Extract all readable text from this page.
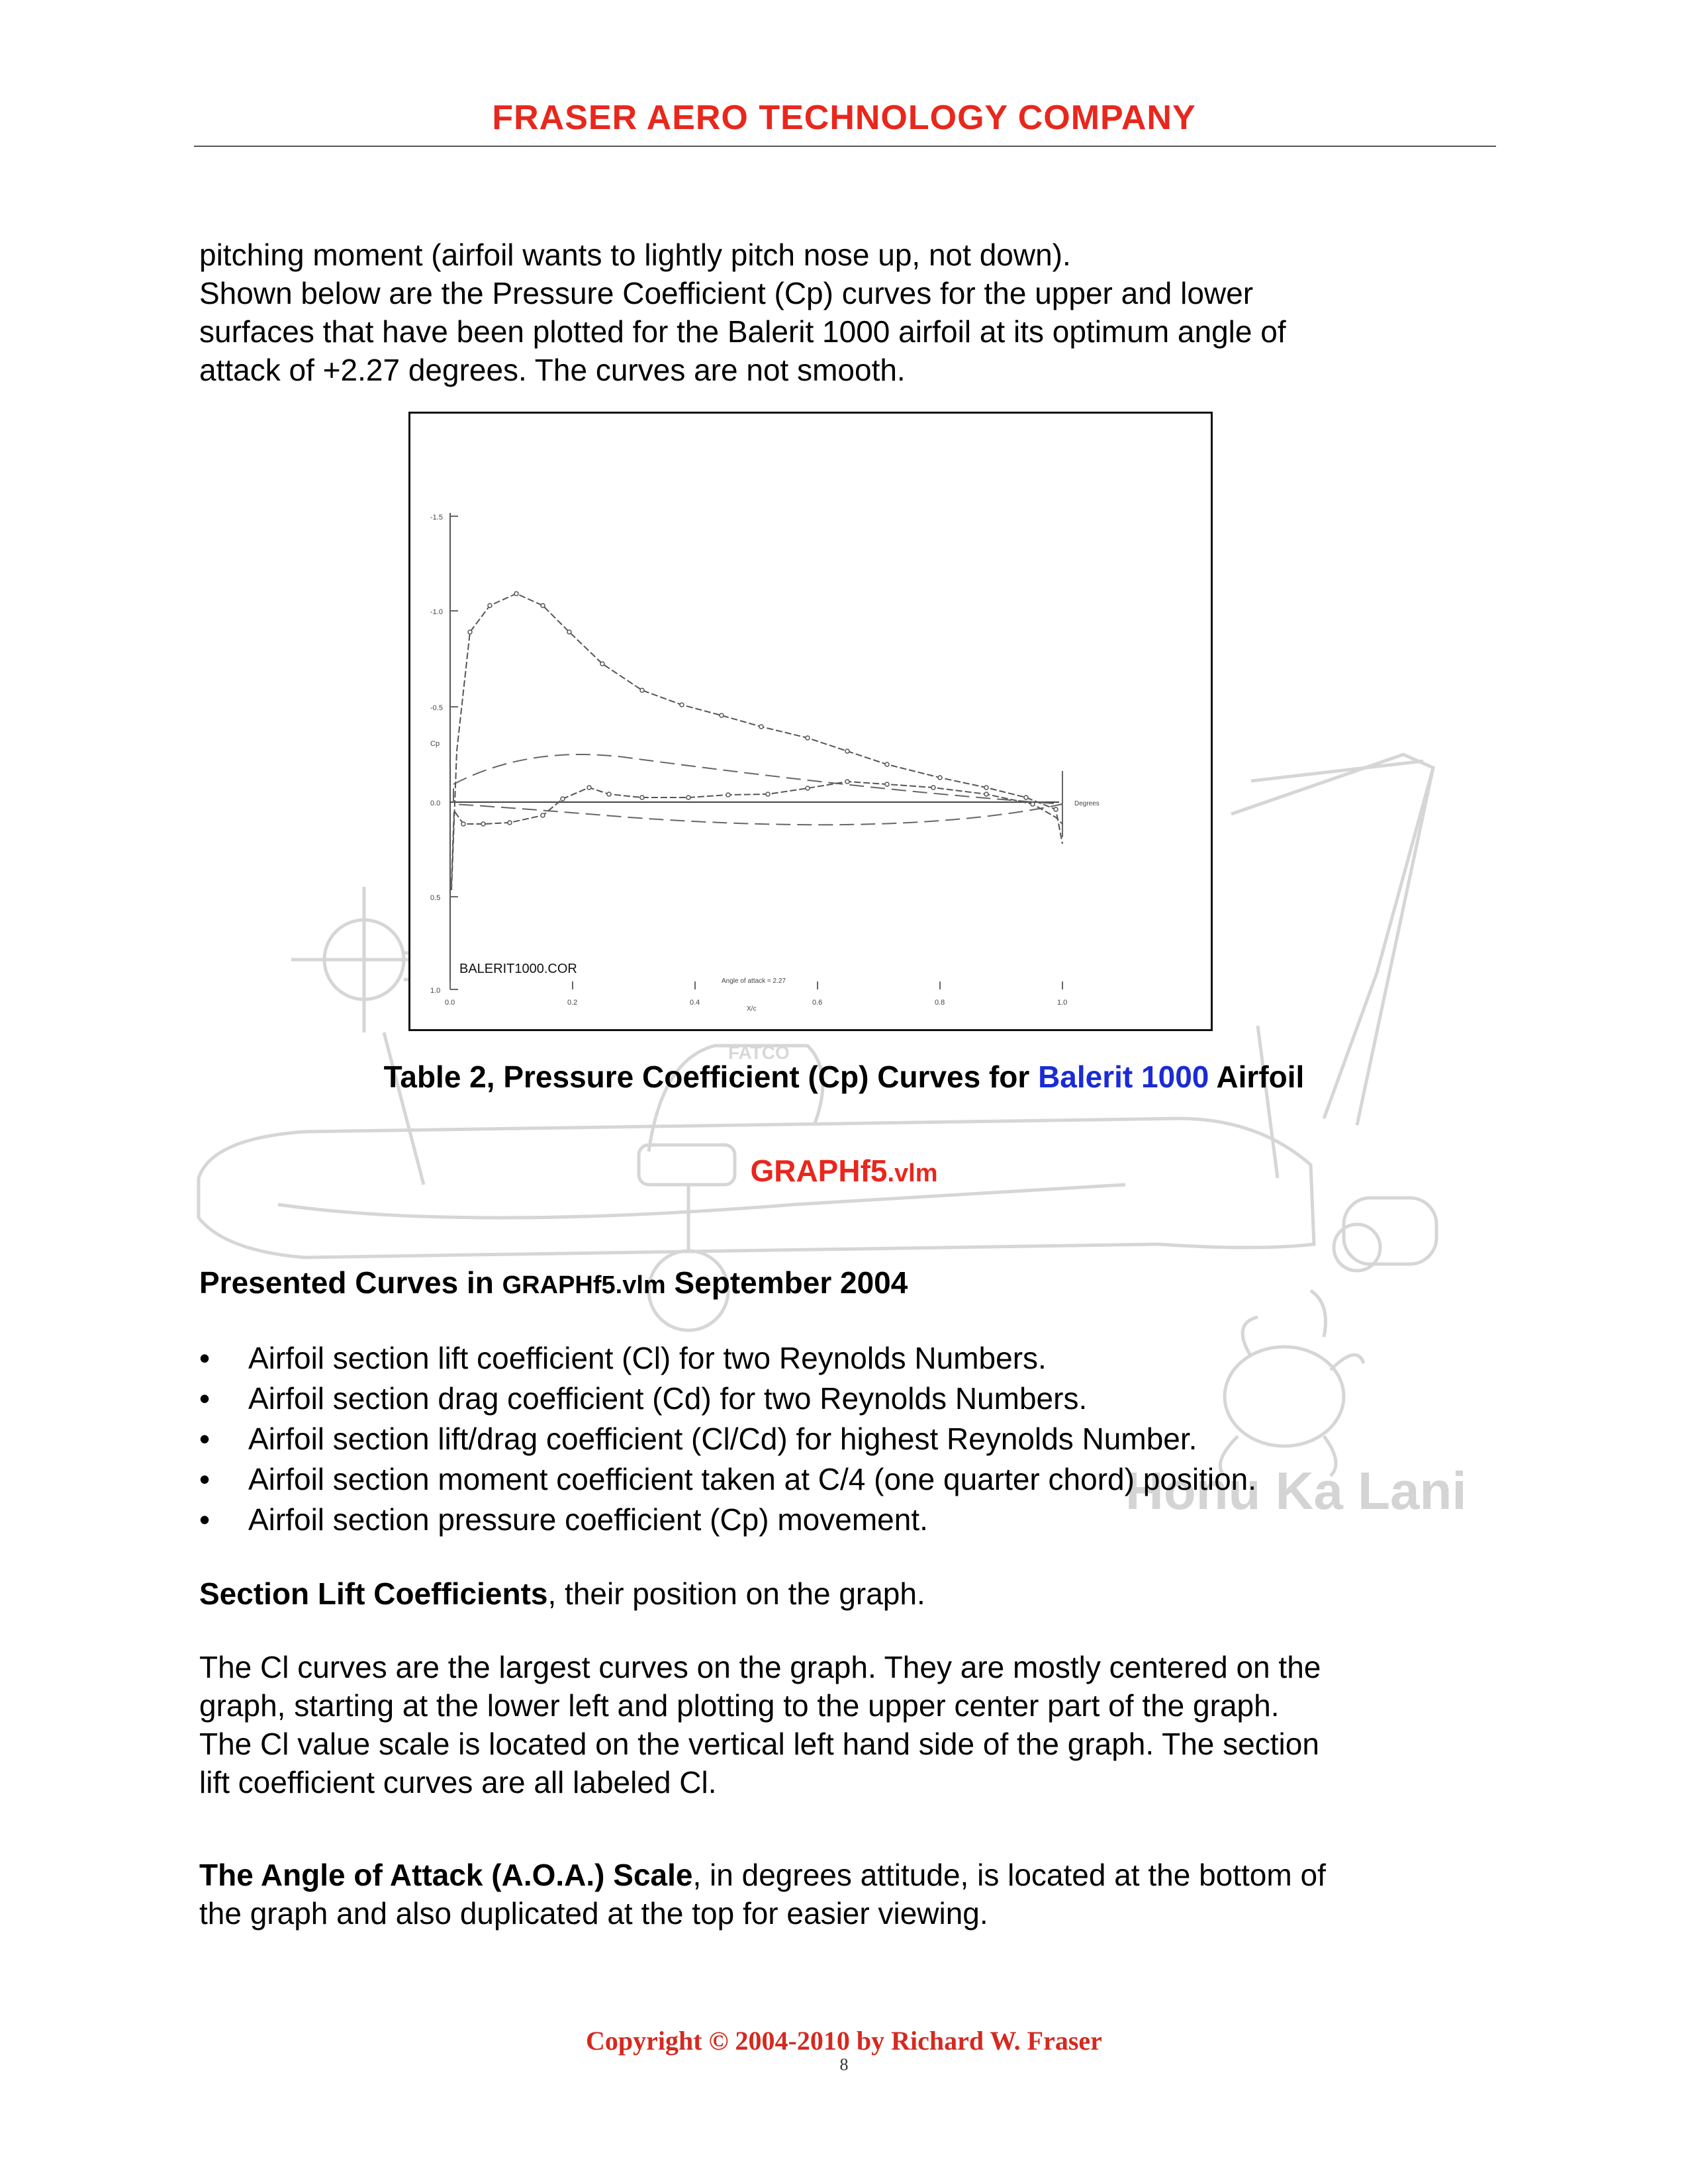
FATCO
Honu Ka Lani
FRASER AERO TECHNOLOGY COMPANY

pitching moment (airfoil wants to lightly pitch nose up, not down).

Shown below are the Pressure Coefficient (Cp) curves for the upper and lower

surfaces that have been plotted for the Balerit 1000 airfoil at its optimum angle of

attack of +2.27 degrees. The curves are not smooth.

-1.5
-1.0
-0.5
Cp
0.0
0.5
1.0
0.0	0.2	0.4	0.6	0.8	1.0
X/c
Angle of attack = 2.27
Degrees
BALERIT1000.COR
Table 2, Pressure Coefficient (Cp) Curves for Balerit 1000 Airfoil
GRAPHf5.vlm
Presented Curves in GRAPHf5.vlm September 2004
• Airfoil section lift coefficient (Cl) for two Reynolds Numbers.
• Airfoil section drag coefficient (Cd) for two Reynolds Numbers.
• Airfoil section lift/drag coefficient (Cl/Cd) for highest Reynolds Number.
• Airfoil section moment coefficient taken at C/4 (one quarter chord) position.
• Airfoil section pressure coefficient (Cp) movement.
Section Lift Coefficients, their position on the graph.

The Cl curves are the largest curves on the graph. They are mostly centered on the

graph, starting at the lower left and plotting to the upper center part of the graph.

The Cl value scale is located on the vertical left hand side of the graph. The section

lift coefficient curves are all labeled Cl.

The Angle of Attack (A.O.A.) Scale, in degrees attitude, is located at the bottom of

the graph and also duplicated at the top for easier viewing.

Copyright © 2004-2010 by Richard W. Fraser
8
